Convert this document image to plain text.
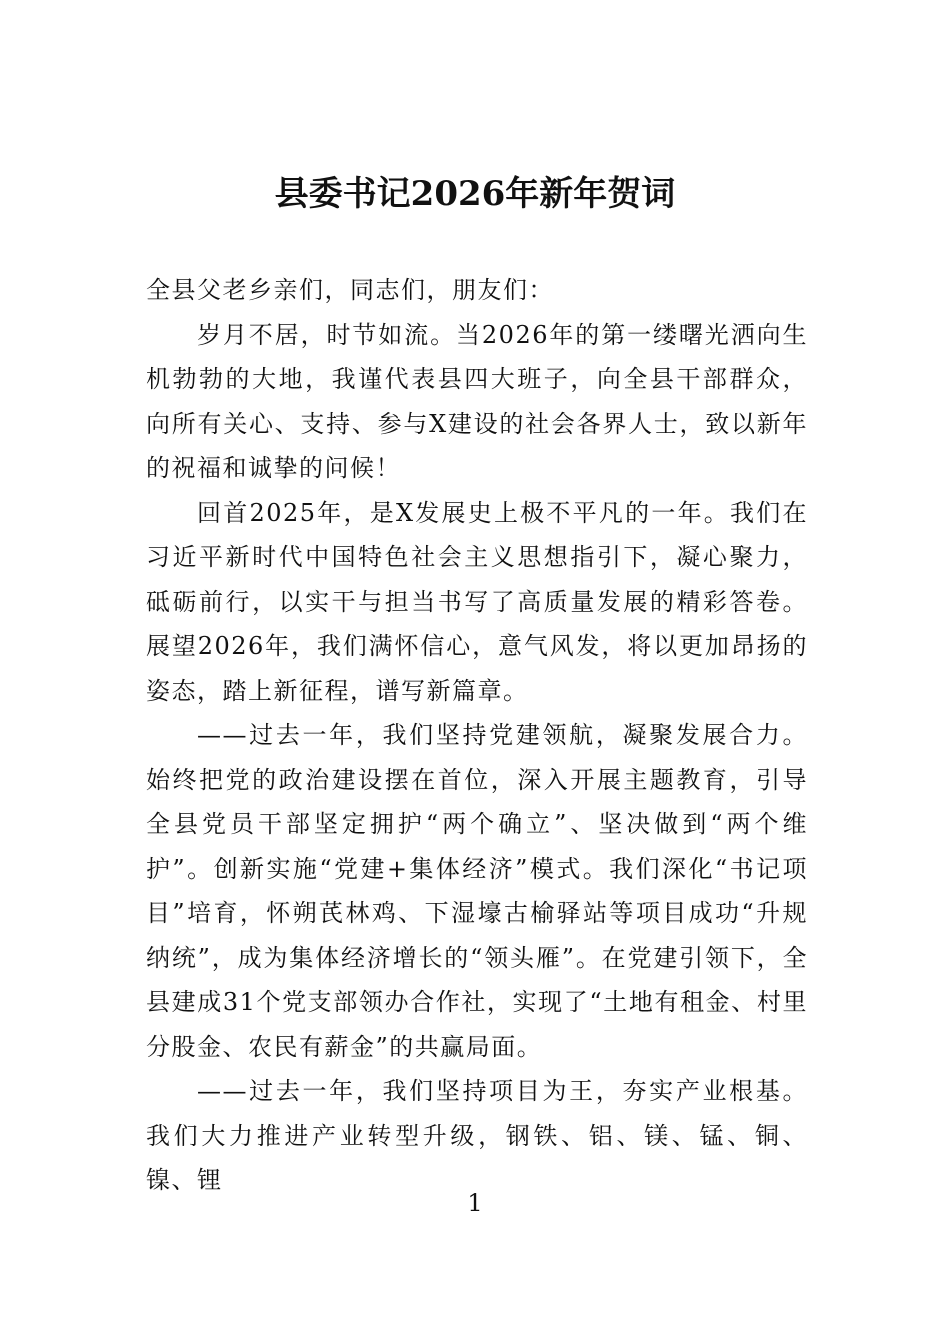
县委书记2026年新年贺词

全县父老乡亲们，同志们，朋友们：

岁月不居，时节如流。当2026年的第一缕曙光洒向生机勃勃的大地，我谨代表县四大班子，向全县干部群众，向所有关心、支持、参与X建设的社会各界人士，致以新年的祝福和诚挚的问候！

回首2025年，是X发展史上极不平凡的一年。我们在习近平新时代中国特色社会主义思想指引下，凝心聚力，砥砺前行，以实干与担当书写了高质量发展的精彩答卷。展望2026年，我们满怀信心，意气风发，将以更加昂扬的姿态，踏上新征程，谱写新篇章。

——过去一年，我们坚持党建领航，凝聚发展合力。始终把党的政治建设摆在首位，深入开展主题教育，引导全县党员干部坚定拥护“两个确立”、坚决做到“两个维护”。创新实施“党建+集体经济”模式。我们深化“书记项目”培育，怀朔芪林鸡、下湿壕古榆驿站等项目成功“升规纳统”，成为集体经济增长的“领头雁”。在党建引领下，全县建成31个党支部领办合作社，实现了“土地有租金、村里分股金、农民有薪金”的共赢局面。

——过去一年，我们坚持项目为王，夯实产业根基。我们大力推进产业转型升级，钢铁、铝、镁、锰、铜、镍、锂

1
